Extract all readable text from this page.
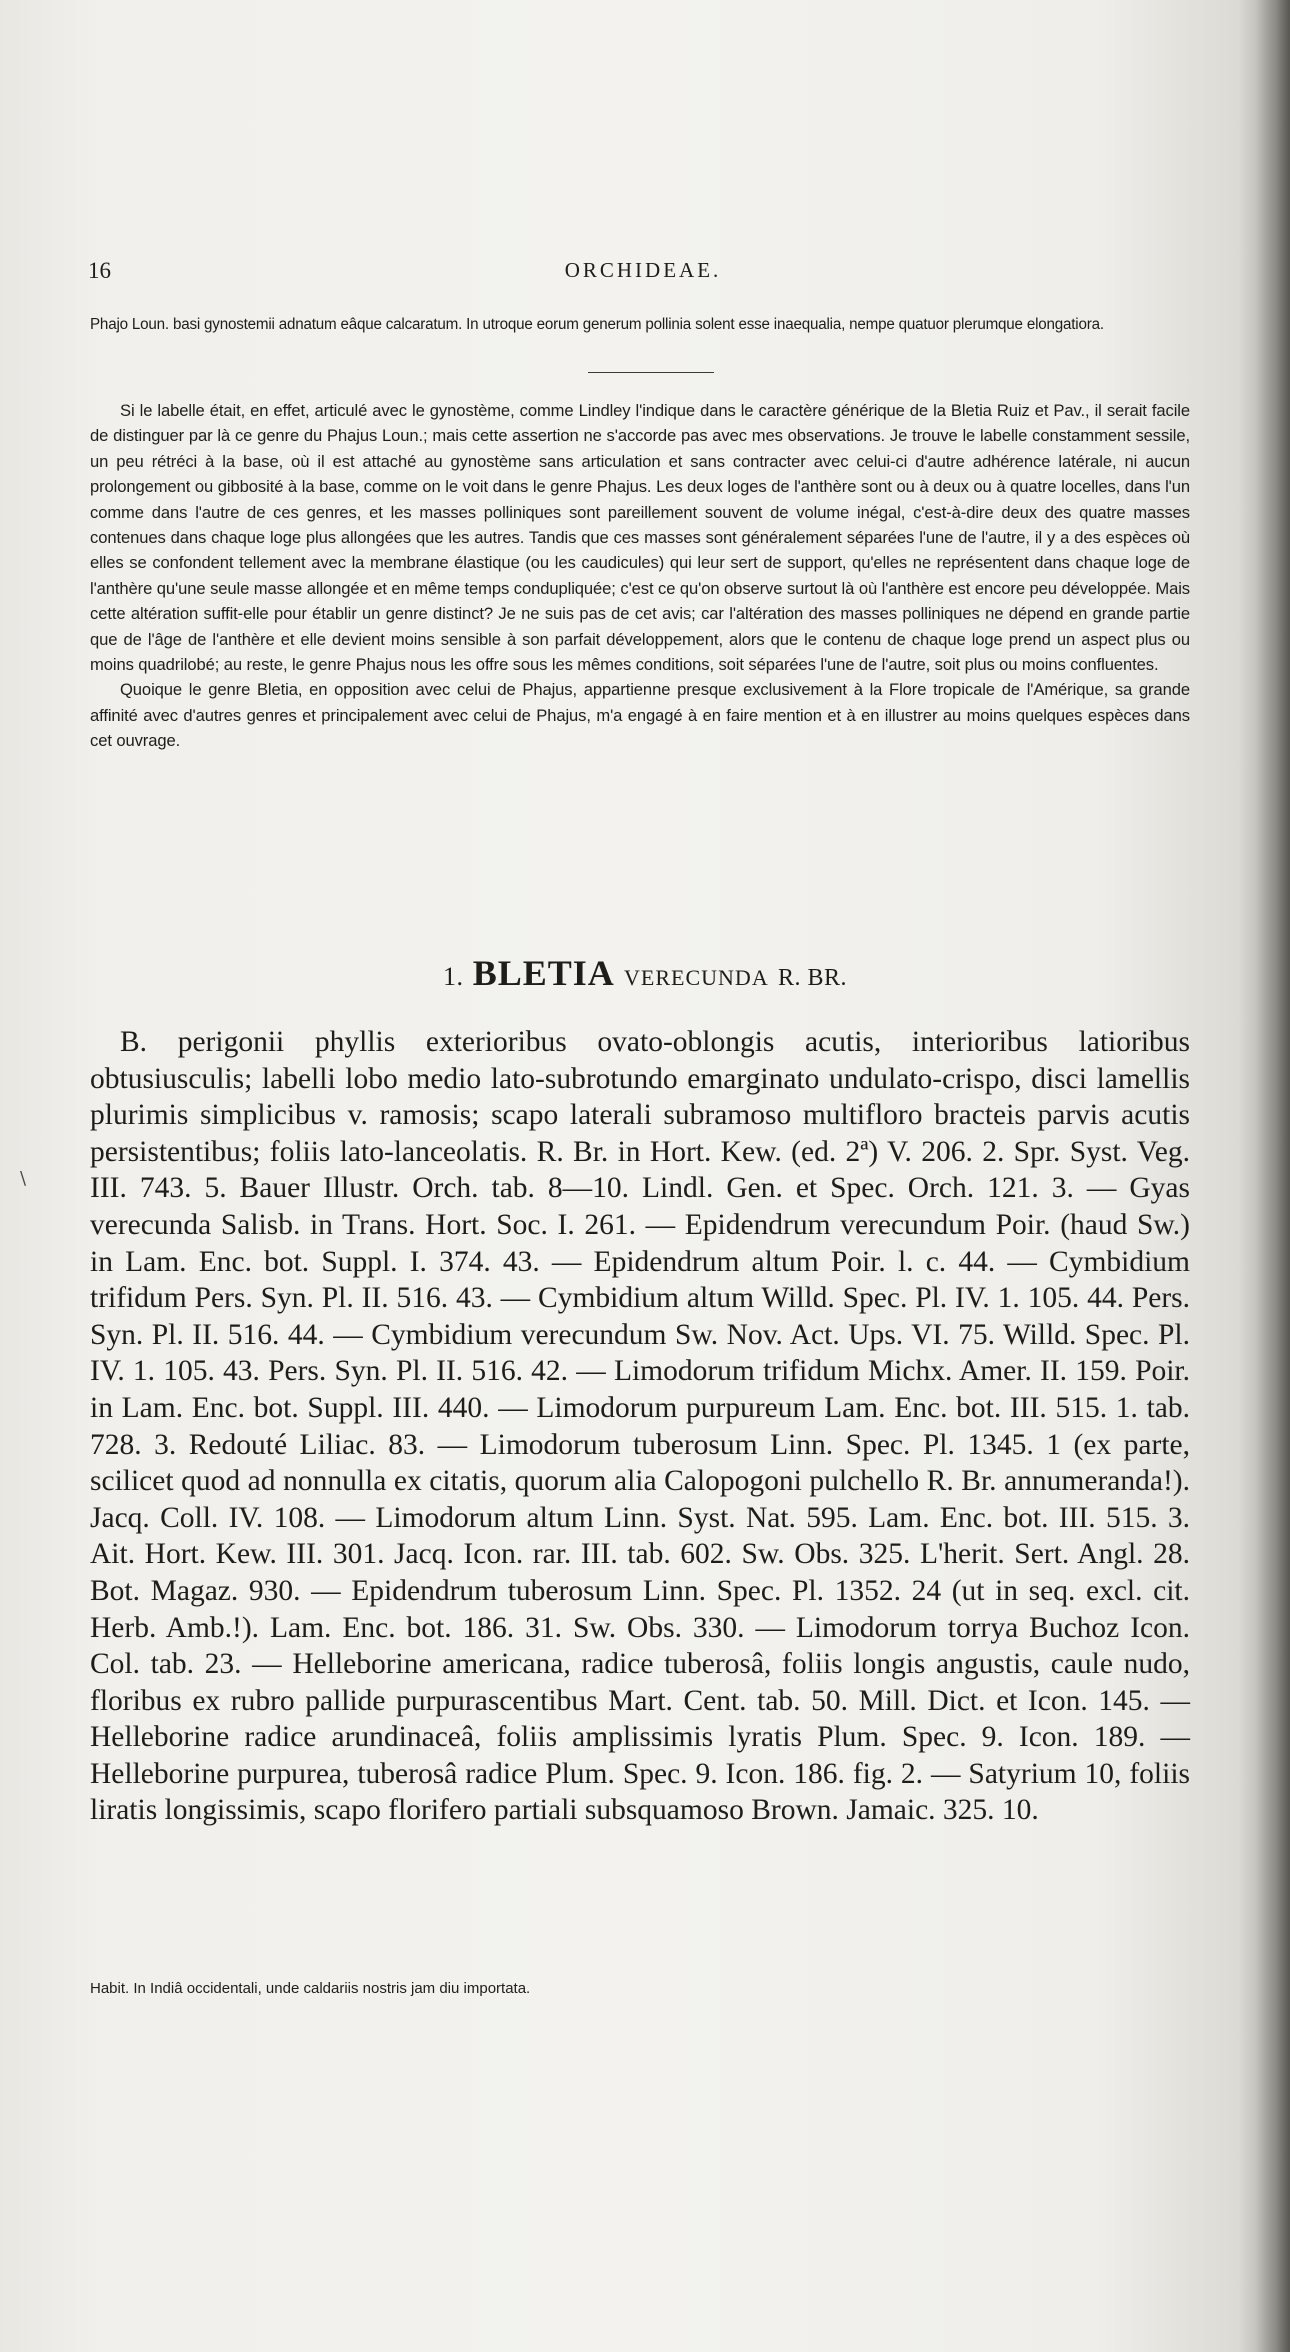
16	ORCHIDEAE.
Phajo Loun. basi gynostemii adnatum eâque calcaratum. In utroque eorum generum pollinia solent esse inaequalia, nempe quatuor plerumque elongatiora.

Si le labelle était, en effet, articulé avec le gynostème, comme Lindley l'indique dans le caractère générique de la Bletia Ruiz et Pav., il serait facile de distinguer par là ce genre du Phajus Loun.; mais cette assertion ne s'accorde pas avec mes observations. Je trouve le labelle constamment sessile, un peu rétréci à la base, où il est attaché au gynostème sans articulation et sans contracter avec celui-ci d'autre adhérence latérale, ni aucun prolongement ou gibbosité à la base, comme on le voit dans le genre Phajus. Les deux loges de l'anthère sont ou à deux ou à quatre locelles, dans l'un comme dans l'autre de ces genres, et les masses polliniques sont pareillement souvent de volume inégal, c'est-à-dire deux des quatre masses contenues dans chaque loge plus allongées que les autres. Tandis que ces masses sont généralement séparées l'une de l'autre, il y a des espèces où elles se confondent tellement avec la membrane élastique (ou les caudicules) qui leur sert de support, qu'elles ne représentent dans chaque loge de l'anthère qu'une seule masse allongée et en même temps condupliquée; c'est ce qu'on observe surtout là où l'anthère est encore peu développée. Mais cette altération suffit-elle pour établir un genre distinct? Je ne suis pas de cet avis; car l'altération des masses polliniques ne dépend en grande partie que de l'âge de l'anthère et elle devient moins sensible à son parfait développement, alors que le contenu de chaque loge prend un aspect plus ou moins quadrilobé; au reste, le genre Phajus nous les offre sous les mêmes conditions, soit séparées l'une de l'autre, soit plus ou moins confluentes.

Quoique le genre Bletia, en opposition avec celui de Phajus, appartienne presque exclusivement à la Flore tropicale de l'Amérique, sa grande affinité avec d'autres genres et principalement avec celui de Phajus, m'a engagé à en faire mention et à en illustrer au moins quelques espèces dans cet ouvrage.

1. BLETIA VERECUNDA R. BR.
B. perigonii phyllis exterioribus ovato-oblongis acutis, interioribus latioribus obtusiusculis; labelli lobo medio lato-subrotundo emarginato undulato-crispo, disci lamellis plurimis simplicibus v. ramosis; scapo laterali subramoso multifloro bracteis parvis acutis persistentibus; foliis lato-lanceolatis. R. Br. in Hort. Kew. (ed. 2ª) V. 206. 2. Spr. Syst. Veg. III. 743. 5. Bauer Illustr. Orch. tab. 8—10. Lindl. Gen. et Spec. Orch. 121. 3. — Gyas verecunda Salisb. in Trans. Hort. Soc. I. 261. — Epidendrum verecundum Poir. (haud Sw.) in Lam. Enc. bot. Suppl. I. 374. 43. — Epidendrum altum Poir. l. c. 44. — Cymbidium trifidum Pers. Syn. Pl. II. 516. 43. — Cymbidium altum Willd. Spec. Pl. IV. 1. 105. 44. Pers. Syn. Pl. II. 516. 44. — Cymbidium verecundum Sw. Nov. Act. Ups. VI. 75. Willd. Spec. Pl. IV. 1. 105. 43. Pers. Syn. Pl. II. 516. 42. — Limodorum trifidum Michx. Amer. II. 159. Poir. in Lam. Enc. bot. Suppl. III. 440. — Limodorum purpureum Lam. Enc. bot. III. 515. 1. tab. 728. 3. Redouté Liliac. 83. — Limodorum tuberosum Linn. Spec. Pl. 1345. 1 (ex parte, scilicet quod ad nonnulla ex citatis, quorum alia Calopogoni pulchello R. Br. annumeranda!). Jacq. Coll. IV. 108. — Limodorum altum Linn. Syst. Nat. 595. Lam. Enc. bot. III. 515. 3. Ait. Hort. Kew. III. 301. Jacq. Icon. rar. III. tab. 602. Sw. Obs. 325. L'herit. Sert. Angl. 28. Bot. Magaz. 930. — Epidendrum tuberosum Linn. Spec. Pl. 1352. 24 (ut in seq. excl. cit. Herb. Amb.!). Lam. Enc. bot. 186. 31. Sw. Obs. 330. — Limodorum torrya Buchoz Icon. Col. tab. 23. — Helleborine americana, radice tuberosâ, foliis longis angustis, caule nudo, floribus ex rubro pallide purpurascentibus Mart. Cent. tab. 50. Mill. Dict. et Icon. 145. — Helleborine radice arundinaceâ, foliis amplissimis lyratis Plum. Spec. 9. Icon. 189. — Helleborine purpurea, tuberosâ radice Plum. Spec. 9. Icon. 186. fig. 2. — Satyrium 10, foliis liratis longissimis, scapo florifero partiali subsquamoso Brown. Jamaic. 325. 10.
Habit. In Indiâ occidentali, unde caldariis nostris jam diu importata.
\
